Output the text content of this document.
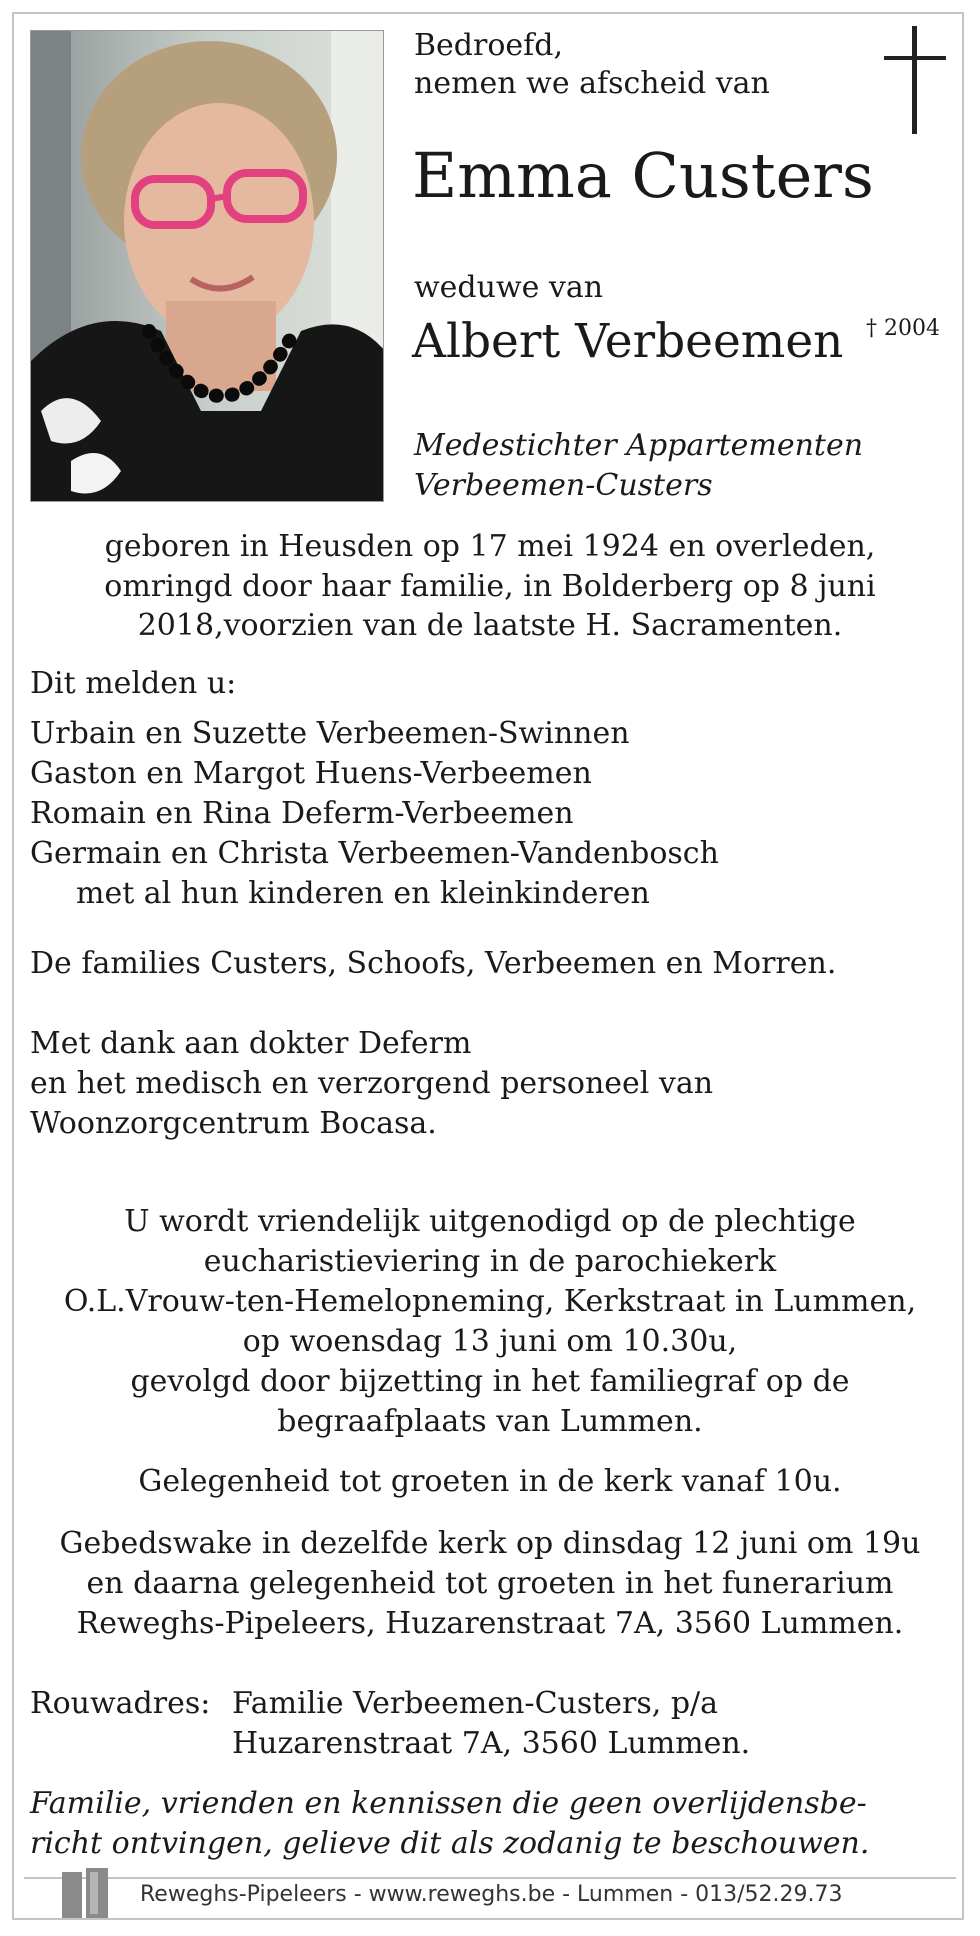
Bedroefd,
nemen we afscheid van
Emma Custers
weduwe van
Albert Verbeemen † 2004
Medestichter Appartementen
Verbeemen-Custers
geboren in Heusden op 17 mei 1924 en overleden,
omringd door haar familie, in Bolderberg op 8 juni
2018,voorzien van de laatste H. Sacramenten.
Dit melden u:
Urbain en Suzette Verbeemen-Swinnen
Gaston en Margot Huens-Verbeemen
Romain en Rina Deferm-Verbeemen
Germain en Christa Verbeemen-Vandenbosch
met al hun kinderen en kleinkinderen
De families Custers, Schoofs, Verbeemen en Morren.
Met dank aan dokter Deferm
en het medisch en verzorgend personeel van
Woonzorgcentrum Bocasa.
U wordt vriendelijk uitgenodigd op de plechtige
eucharistieviering in de parochiekerk
O.L.Vrouw-ten-Hemelopneming, Kerkstraat in Lummen,
op woensdag 13 juni om 10.30u,
gevolgd door bijzetting in het familiegraf op de
begraafplaats van Lummen.
Gelegenheid tot groeten in de kerk vanaf 10u.
Gebedswake in dezelfde kerk op dinsdag 12 juni om 19u
en daarna gelegenheid tot groeten in het funerarium
Reweghs-Pipeleers, Huzarenstraat 7A, 3560 Lummen.
Rouwadres: Familie Verbeemen-Custers, p/a
Huzarenstraat 7A, 3560 Lummen.
Familie, vrienden en kennissen die geen overlijdensbe-
richt ontvingen, gelieve dit als zodanig te beschouwen.
Reweghs-Pipeleers - www.reweghs.be - Lummen - 013/52.29.73
